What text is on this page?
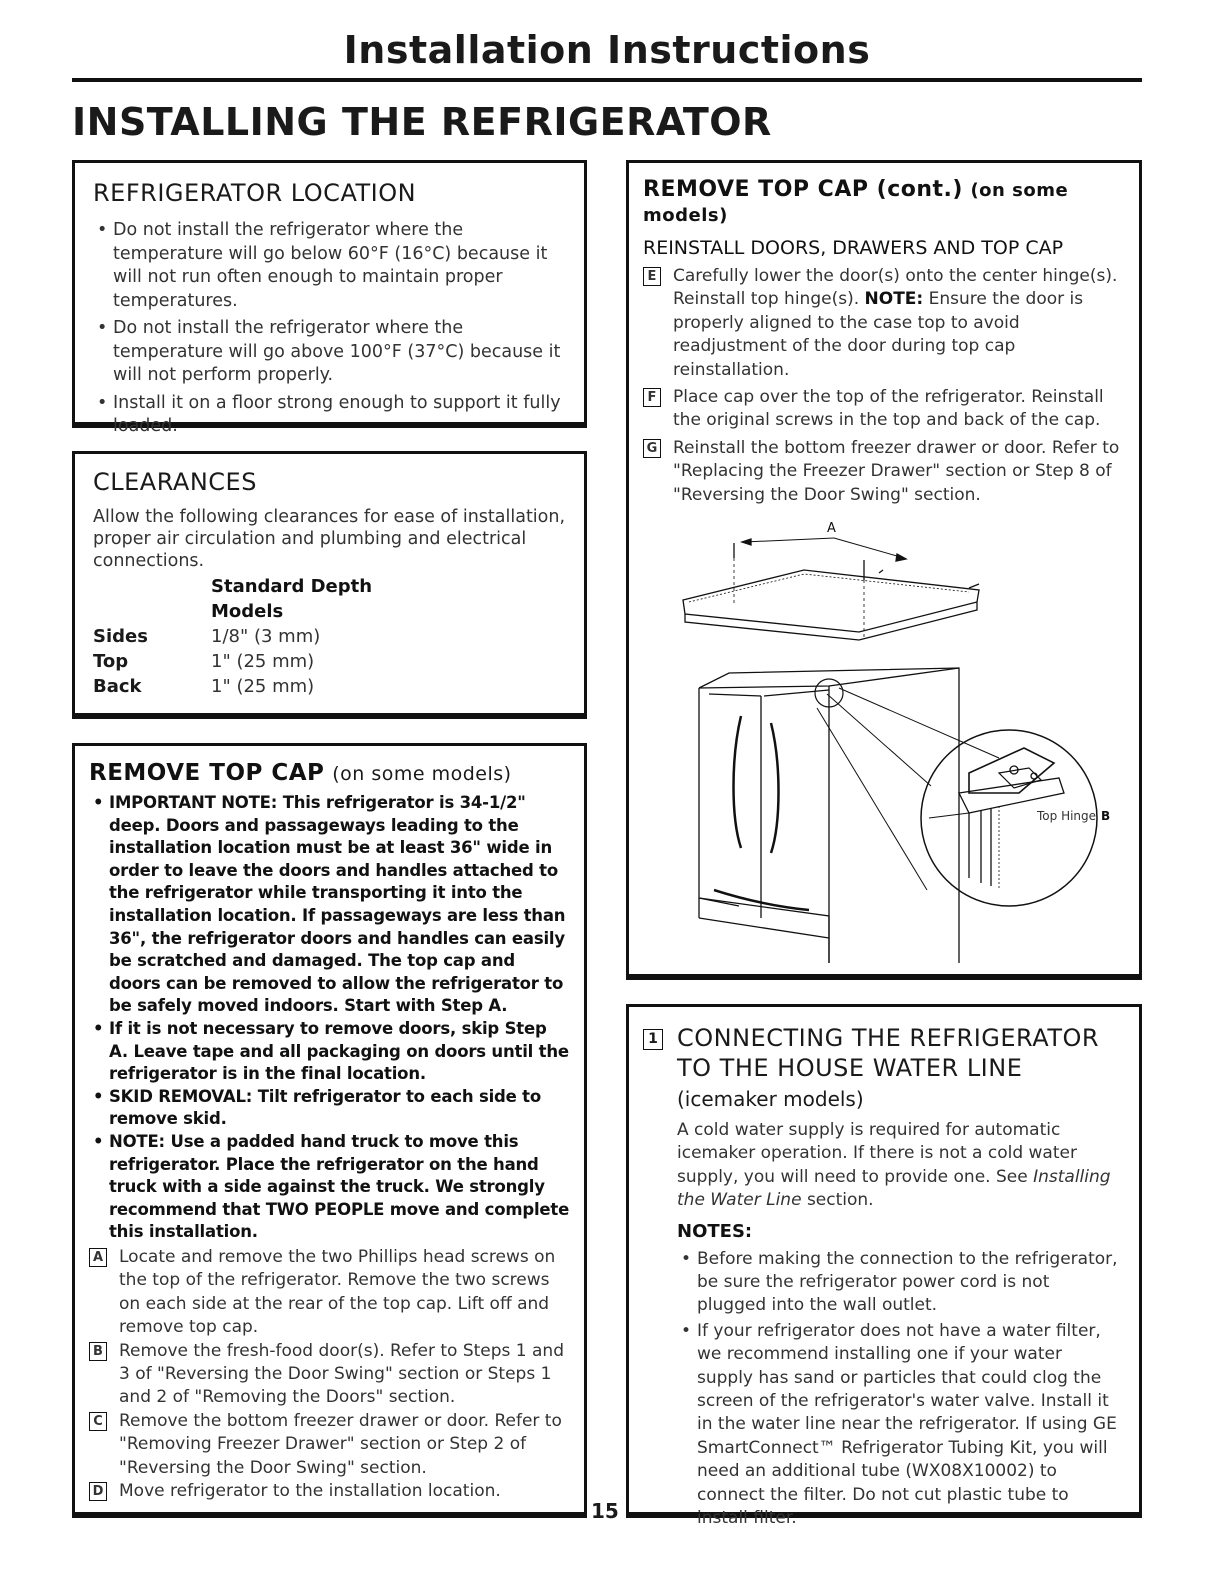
Installation Instructions
INSTALLING THE REFRIGERATOR
REFRIGERATOR LOCATION
• Do not install the refrigerator where the temperature will go below 60°F (16°C) because it will not run often enough to maintain proper temperatures.
• Do not install the refrigerator where the temperature will go above 100°F (37°C) because it will not perform properly.
• Install it on a floor strong enough to support it fully loaded.
CLEARANCES
Allow the following clearances for ease of installation, proper air circulation and plumbing and electrical connections.
Standard Depth
Models
Sides	1/8" (3 mm)
Top	1" (25 mm)
Back	1" (25 mm)
REMOVE TOP CAP (on some models)
• IMPORTANT NOTE: This refrigerator is 34-1/2" deep. Doors and passageways leading to the installation location must be at least 36" wide in order to leave the doors and handles attached to the refrigerator while transporting it into the installation location. If passageways are less than 36", the refrigerator doors and handles can easily be scratched and damaged. The top cap and doors can be removed to allow the refrigerator to be safely moved indoors. Start with Step A.
• If it is not necessary to remove doors, skip Step A. Leave tape and all packaging on doors until the refrigerator is in the final location.
• SKID REMOVAL: Tilt refrigerator to each side to remove skid.
• NOTE: Use a padded hand truck to move this refrigerator. Place the refrigerator on the hand truck with a side against the truck. We strongly recommend that TWO PEOPLE move and complete this installation.
A Locate and remove the two Phillips head screws on the top of the refrigerator. Remove the two screws on each side at the rear of the top cap. Lift off and remove top cap.
B Remove the fresh-food door(s). Refer to Steps 1 and 3 of "Reversing the Door Swing" section or Steps 1 and 2 of "Removing the Doors" section.
C Remove the bottom freezer drawer or door. Refer to "Removing Freezer Drawer" section or Step 2 of "Reversing the Door Swing" section.
D Move refrigerator to the installation location.
REMOVE TOP CAP (cont.) (on some models)
REINSTALL DOORS, DRAWERS AND TOP CAP
E Carefully lower the door(s) onto the center hinge(s). Reinstall top hinge(s). NOTE: Ensure the door is properly aligned to the case top to avoid readjustment of the door during top cap reinstallation.
F Place cap over the top of the refrigerator. Reinstall the original screws in the top and back of the cap.
G Reinstall the bottom freezer drawer or door. Refer to "Replacing the Freezer Drawer" section or Step 8 of "Reversing the Door Swing" section.
A
Top Hinge B
1 CONNECTING THE REFRIGERATOR
TO THE HOUSE WATER LINE
(icemaker models)
A cold water supply is required for automatic icemaker operation. If there is not a cold water supply, you will need to provide one. See Installing the Water Line section.
NOTES:
• Before making the connection to the refrigerator, be sure the refrigerator power cord is not plugged into the wall outlet.
• If your refrigerator does not have a water filter, we recommend installing one if your water supply has sand or particles that could clog the screen of the refrigerator's water valve. Install it in the water line near the refrigerator. If using GE SmartConnect™ Refrigerator Tubing Kit, you will need an additional tube (WX08X10002) to connect the filter. Do not cut plastic tube to install filter.
15
